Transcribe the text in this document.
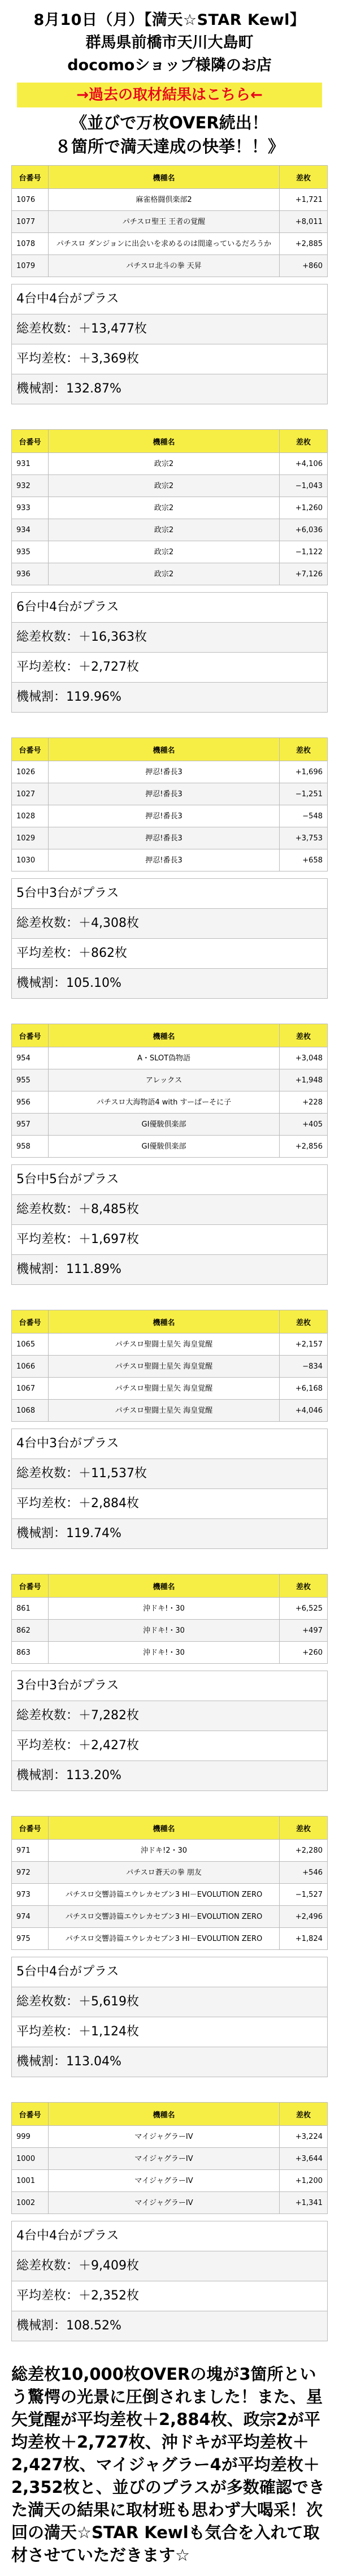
8月10日（月）【満天☆STAR Kewl】
群馬県前橋市天川大島町
docomoショップ様隣のお店
→過去の取材結果はこちら←
《並びで万枚OVER続出！
８箇所で満天達成の快挙！！》
台番号	機種名	差枚
1076	麻雀格闘倶楽部2	+1,721
1077	パチスロ聖王 王者の覚醒	+8,011
1078	パチスロ ダンジョンに出会いを求めるのは間違っているだろうか	+2,885
1079	パチスロ北斗の拳 天昇	+860
4台中4台がプラス
総差枚数：＋13,477枚
平均差枚：＋3,369枚
機械割：132.87%
台番号	機種名	差枚
931	政宗2	+4,106
932	政宗2	−1,043
933	政宗2	+1,260
934	政宗2	+6,036
935	政宗2	−1,122
936	政宗2	+7,126
6台中4台がプラス
総差枚数：＋16,363枚
平均差枚：＋2,727枚
機械割：119.96%
台番号	機種名	差枚
1026	押忍!番長3	+1,696
1027	押忍!番長3	−1,251
1028	押忍!番長3	−548
1029	押忍!番長3	+3,753
1030	押忍!番長3	+658
5台中3台がプラス
総差枚数：＋4,308枚
平均差枚：＋862枚
機械割：105.10%
台番号	機種名	差枚
954	A・SLOT偽物語	+3,048
955	アレックス	+1,948
956	パチスロ大海物語4 with すーぱーそに子	+228
957	GI優駿倶楽部	+405
958	GI優駿倶楽部	+2,856
5台中5台がプラス
総差枚数：＋8,485枚
平均差枚：＋1,697枚
機械割：111.89%
台番号	機種名	差枚
1065	パチスロ聖闘士星矢 海皇覚醒	+2,157
1066	パチスロ聖闘士星矢 海皇覚醒	−834
1067	パチスロ聖闘士星矢 海皇覚醒	+6,168
1068	パチスロ聖闘士星矢 海皇覚醒	+4,046
4台中3台がプラス
総差枚数：＋11,537枚
平均差枚：＋2,884枚
機械割：119.74%
台番号	機種名	差枚
861	沖ドキ!・30	+6,525
862	沖ドキ!・30	+497
863	沖ドキ!・30	+260
3台中3台がプラス
総差枚数：＋7,282枚
平均差枚：＋2,427枚
機械割：113.20%
台番号	機種名	差枚
971	沖ドキ!2・30	+2,280
972	パチスロ蒼天の拳 朋友	+546
973	パチスロ交響詩篇エウレカセブン3 HI－EVOLUTION ZERO	−1,527
974	パチスロ交響詩篇エウレカセブン3 HI－EVOLUTION ZERO	+2,496
975	パチスロ交響詩篇エウレカセブン3 HI－EVOLUTION ZERO	+1,824
5台中4台がプラス
総差枚数：＋5,619枚
平均差枚：＋1,124枚
機械割：113.04%
台番号	機種名	差枚
999	マイジャグラーIV	+3,224
1000	マイジャグラーIV	+3,644
1001	マイジャグラーIV	+1,200
1002	マイジャグラーIV	+1,341
4台中4台がプラス
総差枚数：＋9,409枚
平均差枚：＋2,352枚
機械割：108.52%
総差枚10,000枚OVERの塊が3箇所という驚愕の光景に圧倒されました！また、星矢覚醒が平均差枚＋2,884枚、政宗2が平均差枚＋2,727枚、沖ドキが平均差枚＋2,427枚、マイジャグラー4が平均差枚＋2,352枚と、並びのプラスが多数確認できた満天の結果に取材班も思わず大喝采！次回の満天☆STAR Kewlも気合を入れて取材させていただきます☆
